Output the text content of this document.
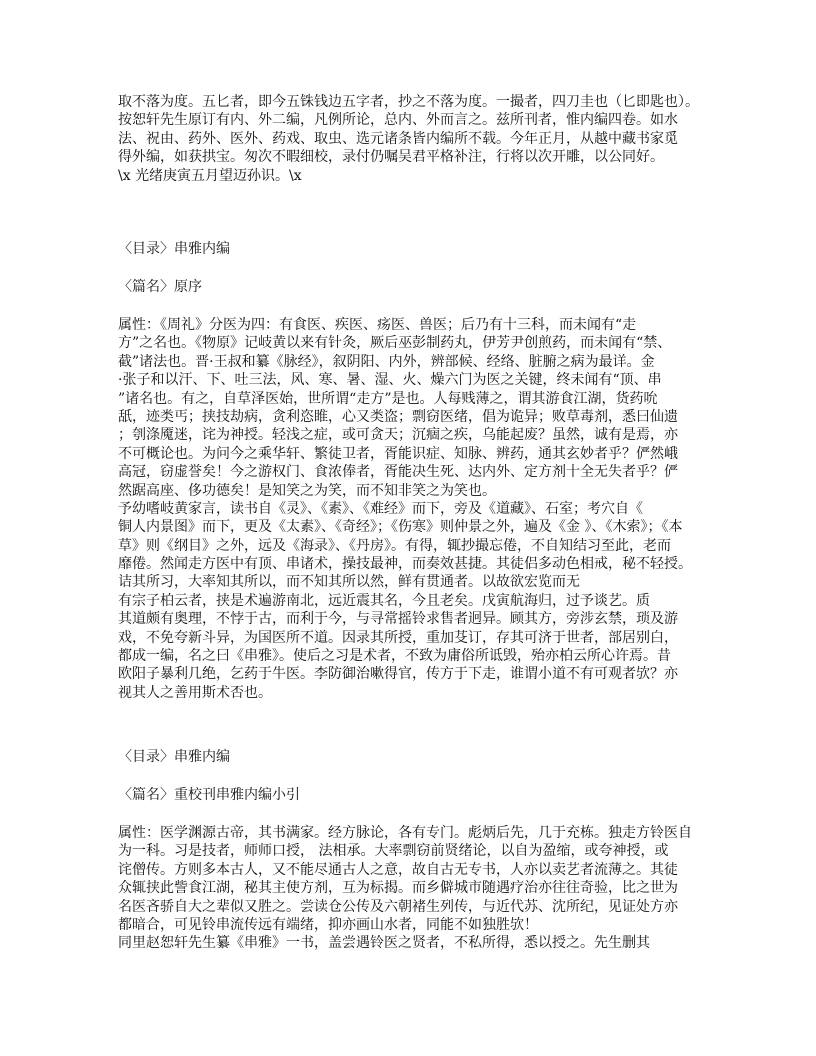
取不落为度。五匕者，即今五铢钱边五字者，抄之不落为度。一撮者，四刀圭也（匕即匙也）。
按恕轩先生原订有内、外二编，凡例所论，总内、外而言之。兹所刊者，惟内编四卷。如水
法、祝由、药外、医外、药戏、取虫、选元诸条皆内编所不载。今年正月，从越中藏书家觅
得外编，如获拱宝。匆次不暇细校，录付仍嘱吴君平格补注，行将以次开雕，以公同好。
\x 光绪庚寅五月望迈孙识。\x
〈目录〉串雅内编
〈篇名〉原序
属性：《周礼》分医为四：有食医、疾医、疡医、兽医；后乃有十三科，而未闻有“走
方”之名也。《物原》记岐黄以来有针灸，厥后巫彭制药丸，伊芳尹创煎药，而未闻有“禁、
截”诸法也。晋·王叔和纂《脉经》，叙阴阳、内外，辨部候、经络、脏腑之病为最详。金
·张子和以汗、下、吐三法，风、寒、暑、湿、火、燥六门为医之关键，终未闻有“顶、串
”诸名也。有之，自草泽医始，世所谓“走方”是也。人每贱薄之，谓其游食江湖，货药吮
舐，迹类丐；挟技劫病，贪利恣睢，心又类盗；剽窃医绪，倡为诡异；败草毒剂，悉曰仙遗
；刳涤魇迷，诧为神授。轻浅之症，或可贪天；沉痼之疾，乌能起废？虽然，诚有是焉，亦
不可概论也。为问今之乘华轩、繁徒卫者，胥能识症、知脉、辨药，通其玄妙者乎？俨然峨
高冠，窃虚誉矣！今之游权门、食浓俸者，胥能决生死、达内外、定方剂十全无失者乎？俨
然踞高座、侈功德矣！是知笑之为笑，而不知非笑之为笑也。
予幼嗜岐黄家言，读书自《灵》、《素》、《难经》而下，旁及《道藏》、石室；考穴自《
铜人内景图》而下，更及《太素》、《奇经》；《伤寒》则仲景之外，遍及《金 》、《木索》；《本
草》则《纲目》之外，远及《海录》、《丹房》。有得，辄抄撮忘倦，不自知结习至此，老而
靡倦。然闻走方医中有顶、串诸术，操技最神，而奏效甚捷。其徒侣多动色相戒，秘不轻授。
诘其所习，大率知其所以，而不知其所以然，鲜有贯通者。以故欲宏览而无
有宗子柏云者，挟是术遍游南北，远近震其名，今且老矣。戊寅航海归，过予谈艺。质
其道颇有奥理，不悖于古，而利于今，与寻常摇铃求售者迥异。顾其方，旁涉玄禁，琐及游
戏，不免夸新斗异，为国医所不道。因录其所授，重加芟订，存其可济于世者，部居别白，
都成一编，名之曰《串雅》。使后之习是术者，不致为庸俗所诋毁，殆亦柏云所心许焉。昔
欧阳子暴利几绝，乞药于牛医。李防御治嗽得官，传方于下走，谁谓小道不有可观者欤？亦
视其人之善用斯术否也。
〈目录〉串雅内编
〈篇名〉重校刊串雅内编小引
属性：医学渊源古帝，其书满家。经方脉论，各有专门。彪炳后先，几于充栋。独走方铃医自
为一科。习是技者，师师口授， 法相承。大率剽窃前贤绪论，以自为盈缩，或夸神授，或
诧僧传。方则多本古人，又不能尽通古人之意，故自古无专书，人亦以卖艺者流薄之。其徒
众辄挟此訾食江湖，秘其主使方剂，互为标揭。而乡僻城市随遇疗治亦往往奇验，比之世为
名医吝骄自大之辈似又胜之。尝读仓公传及六朝褚生列传，与近代苏、沈所纪，见证处方亦
都暗合，可见铃串流传远有端绪，抑亦画山水者，同能不如独胜欤！
同里赵恕轩先生纂《串雅》一书，盖尝遇铃医之贤者，不私所得，悉以授之。先生删其
